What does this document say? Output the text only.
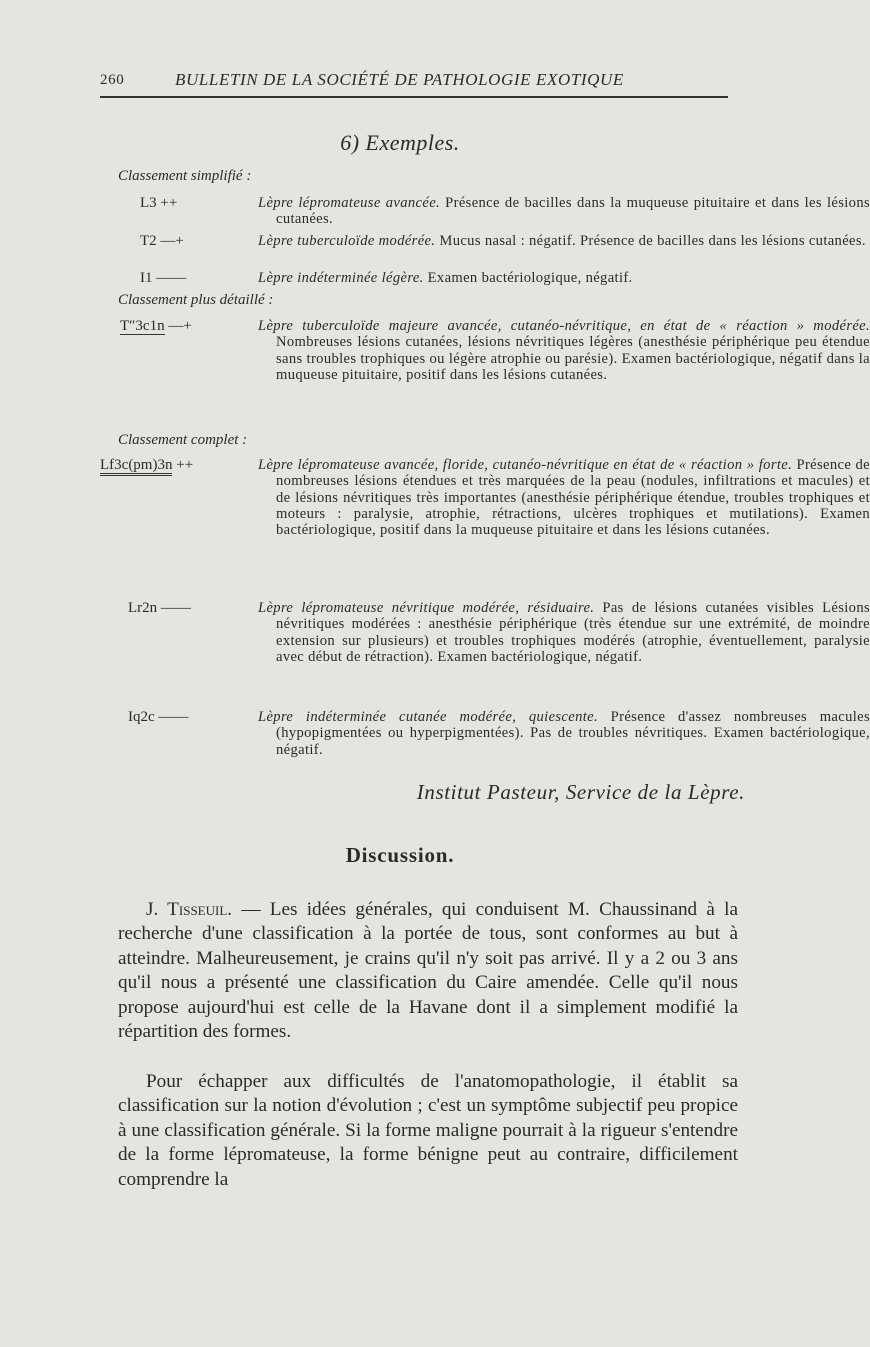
260	BULLETIN DE LA SOCIÉTÉ DE PATHOLOGIE EXOTIQUE
6) Exemples.
Classement simplifié :
L3 ++	Lèpre lépromateuse avancée. Présence de bacilles dans la muqueuse pituitaire et dans les lésions cutanées.
T2 —+	Lèpre tuberculoïde modérée. Mucus nasal : négatif. Présence de bacilles dans les lésions cutanées.
I1 ——	Lèpre indéterminée légère. Examen bactériologique, négatif.
Classement plus détaillé :
T″3c1n —+	Lèpre tuberculoïde majeure avancée, cutanéo-névritique, en état de « réaction » modérée. Nombreuses lésions cutanées, lésions névritiques légères (anesthésie périphérique peu étendue sans troubles trophiques ou légère atrophie ou parésie). Examen bactériologique, négatif dans la muqueuse pituitaire, positif dans les lésions cutanées.
Classement complet :
Lf3c(pm)3n ++	Lèpre lépromateuse avancée, floride, cutanéo-névritique en état de « réaction » forte. Présence de nombreuses lésions étendues et très marquées de la peau (nodules, infiltrations et macules) et de lésions névritiques très importantes (anesthésie périphérique étendue, troubles trophiques et moteurs : paralysie, atrophie, rétractions, ulcères trophiques et mutilations). Examen bactériologique, positif dans la muqueuse pituitaire et dans les lésions cutanées.
Lr2n ——	Lèpre lépromateuse névritique modérée, résiduaire. Pas de lésions cutanées visibles Lésions névritiques modérées : anesthésie périphérique (très étendue sur une extrémité, de moindre extension sur plusieurs) et troubles trophiques modérés (atrophie, éventuellement, paralysie avec début de rétraction). Examen bactériologique, négatif.
Iq2c ——	Lèpre indéterminée cutanée modérée, quiescente. Présence d'assez nombreuses macules (hypopigmentées ou hyperpigmentées). Pas de troubles névritiques. Examen bactériologique, négatif.
Institut Pasteur, Service de la Lèpre.
Discussion.
J. Tisseuil. — Les idées générales, qui conduisent M. Chaussinand à la recherche d'une classification à la portée de tous, sont conformes au but à atteindre. Malheureusement, je crains qu'il n'y soit pas arrivé. Il y a 2 ou 3 ans qu'il nous a présenté une classification du Caire amendée. Celle qu'il nous propose aujourd'hui est celle de la Havane dont il a simplement modifié la répartition des formes.
Pour échapper aux difficultés de l'anatomopathologie, il établit sa classification sur la notion d'évolution ; c'est un symptôme subjectif peu propice à une classification générale. Si la forme maligne pourrait à la rigueur s'entendre de la forme lépromateuse, la forme bénigne peut au contraire, difficilement comprendre la
